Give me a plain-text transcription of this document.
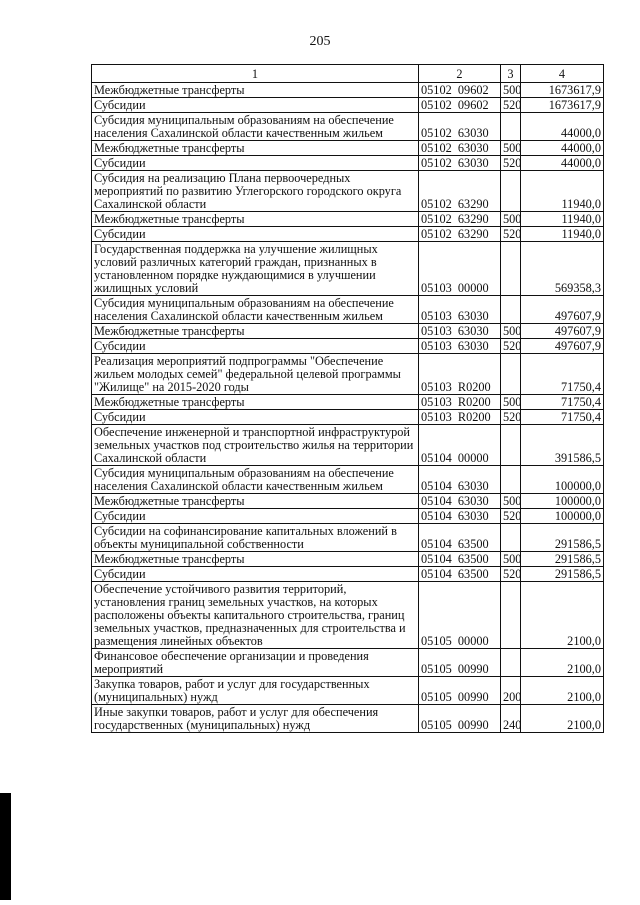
205
1	2	3	4
Межбюджетные трансферты	05102  09602	500	1673617,9
Субсидии	05102  09602	520	1673617,9
Субсидия муниципальным образованиям на обеспечение населения Сахалинской области качественным жильем	05102  63030		44000,0
Межбюджетные трансферты	05102  63030	500	44000,0
Субсидии	05102  63030	520	44000,0
Субсидия на реализацию Плана первоочередных мероприятий по развитию Углегорского городского округа Сахалинской области	05102  63290		11940,0
Межбюджетные трансферты	05102  63290	500	11940,0
Субсидии	05102  63290	520	11940,0
Государственная поддержка на улучшение жилищных условий различных категорий граждан, признанных в установленном порядке нуждающимися в улучшении жилищных условий	05103  00000		569358,3
Субсидия муниципальным образованиям на обеспечение населения Сахалинской области качественным жильем	05103  63030		497607,9
Межбюджетные трансферты	05103  63030	500	497607,9
Субсидии	05103  63030	520	497607,9
Реализация мероприятий подпрограммы "Обеспечение жильем молодых семей" федеральной целевой программы "Жилище" на 2015-2020 годы	05103  R0200		71750,4
Межбюджетные трансферты	05103  R0200	500	71750,4
Субсидии	05103  R0200	520	71750,4
Обеспечение инженерной и транспортной инфраструктурой земельных участков под строительство жилья на территории Сахалинской области	05104  00000		391586,5
Субсидия муниципальным образованиям на обеспечение населения Сахалинской области качественным жильем	05104  63030		100000,0
Межбюджетные трансферты	05104  63030	500	100000,0
Субсидии	05104  63030	520	100000,0
Субсидии на софинансирование капитальных вложений в объекты муниципальной собственности	05104  63500		291586,5
Межбюджетные трансферты	05104  63500	500	291586,5
Субсидии	05104  63500	520	291586,5
Обеспечение устойчивого развития территорий, установления границ земельных участков, на которых расположены объекты капитального строительства, границ земельных участков, предназначенных для строительства и размещения линейных объектов	05105  00000		2100,0
Финансовое обеспечение организации и проведения мероприятий	05105  00990		2100,0
Закупка товаров, работ и услуг для государственных (муниципальных) нужд	05105  00990	200	2100,0
Иные закупки товаров, работ и услуг для обеспечения государственных (муниципальных) нужд	05105  00990	240	2100,0
